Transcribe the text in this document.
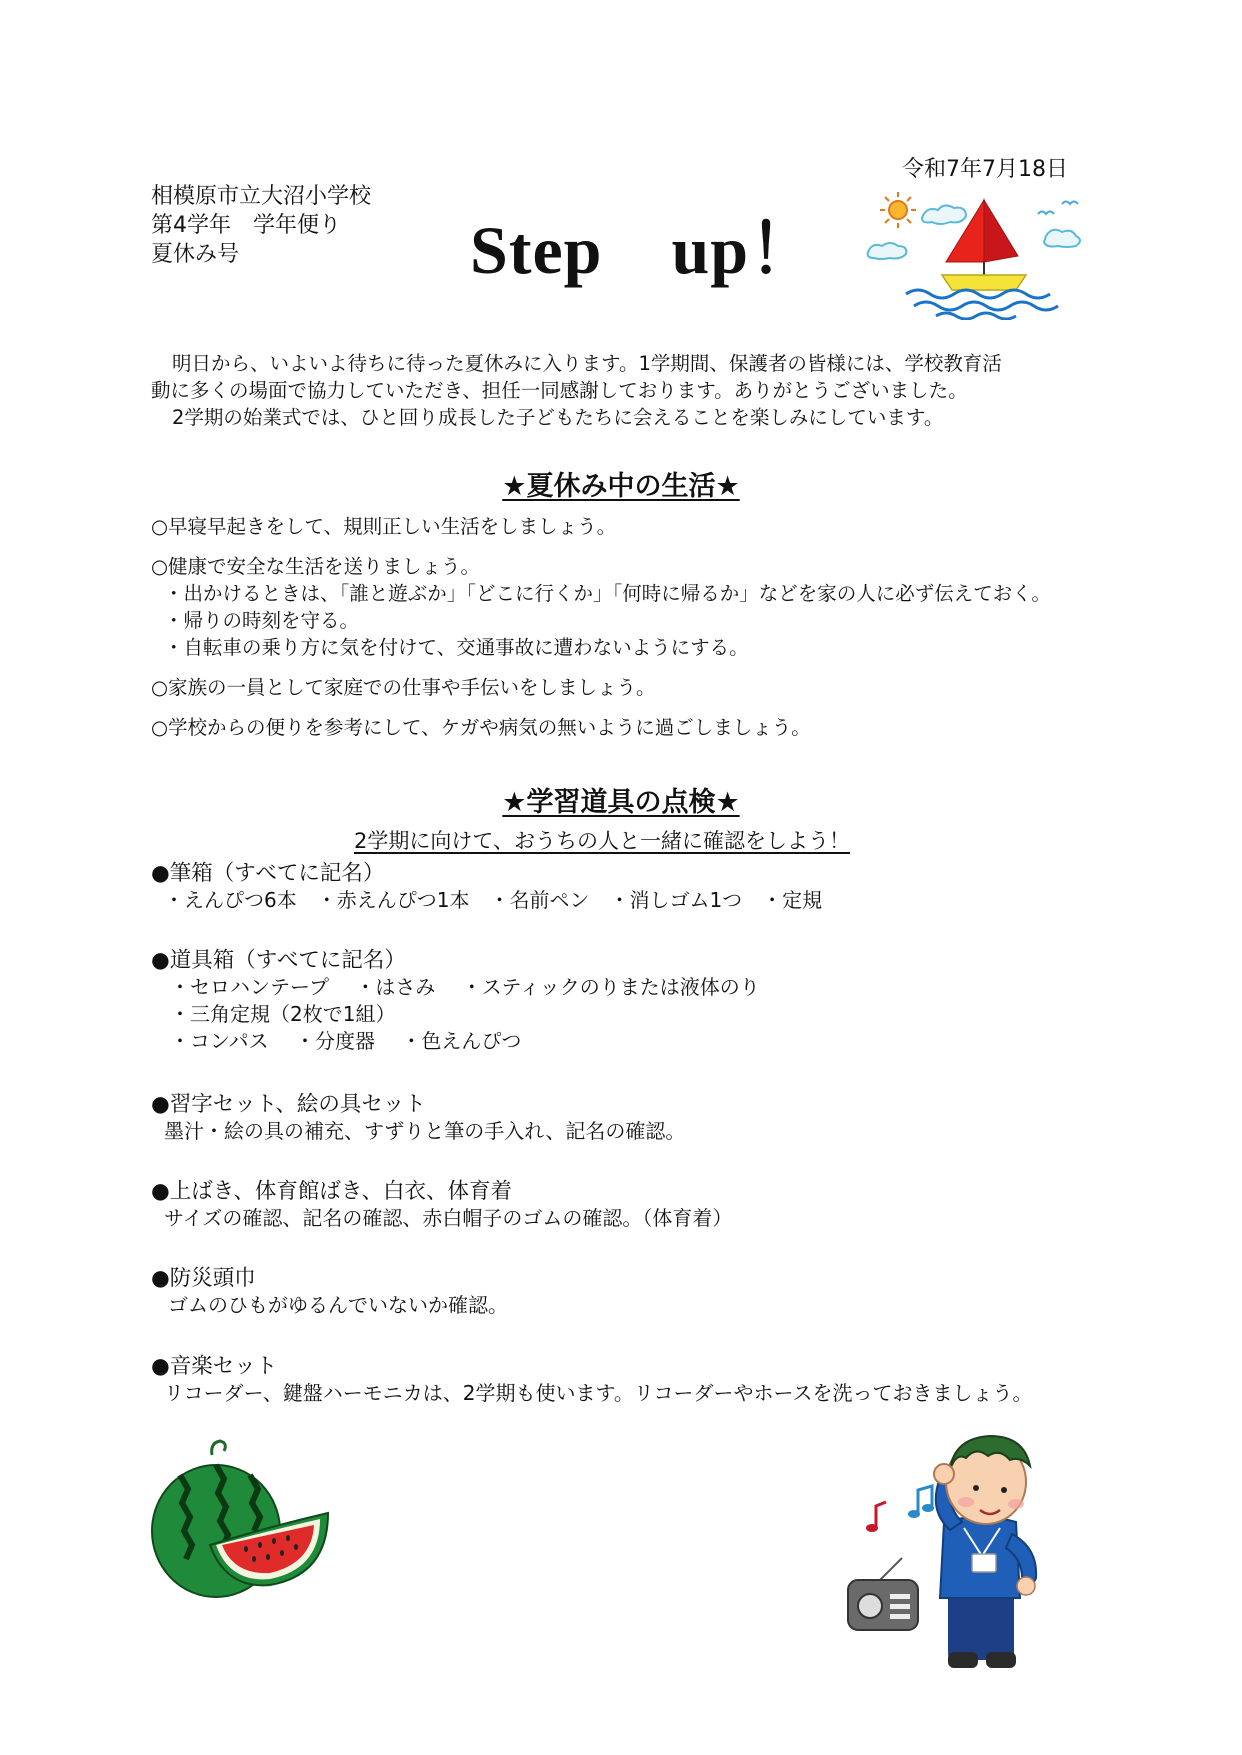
令和7年7月18日
相模原市立大沼小学校
第4学年　学年便り
夏休み号	Step　up！
明日から、いよいよ待ちに待った夏休みに入ります。1学期間、保護者の皆様には、学校教育活
動に多くの場面で協力していただき、担任一同感謝しております。ありがとうございました。
2学期の始業式では、ひと回り成長した子どもたちに会えることを楽しみにしています。
★夏休み中の生活★
○早寝早起きをして、規則正しい生活をしましょう。
○健康で安全な生活を送りましょう。
・出かけるときは、「誰と遊ぶか」「どこに行くか」「何時に帰るか」などを家の人に必ず伝えておく。
・帰りの時刻を守る。
・自転車の乗り方に気を付けて、交通事故に遭わないようにする。
○家族の一員として家庭での仕事や手伝いをしましょう。
○学校からの便りを参考にして、ケガや病気の無いように過ごしましょう。
★学習道具の点検★
2学期に向けて、おうちの人と一緒に確認をしよう！
●筆箱（すべてに記名）
・えんぴつ6本　・赤えんぴつ1本　・名前ペン　・消しゴム1つ　・定規
●道具箱（すべてに記名）
・セロハンテープ　 ・はさみ　 ・スティックのりまたは液体のり
・三角定規（2枚で1組）
・コンパス　 ・分度器　 ・色えんぴつ
●習字セット、絵の具セット
墨汁・絵の具の補充、すずりと筆の手入れ、記名の確認。
●上ばき、体育館ばき、白衣、体育着
サイズの確認、記名の確認、赤白帽子のゴムの確認。（体育着）
●防災頭巾
ゴムのひもがゆるんでいないか確認。
●音楽セット
リコーダー、鍵盤ハーモニカは、2学期も使います。リコーダーやホースを洗っておきましょう。
